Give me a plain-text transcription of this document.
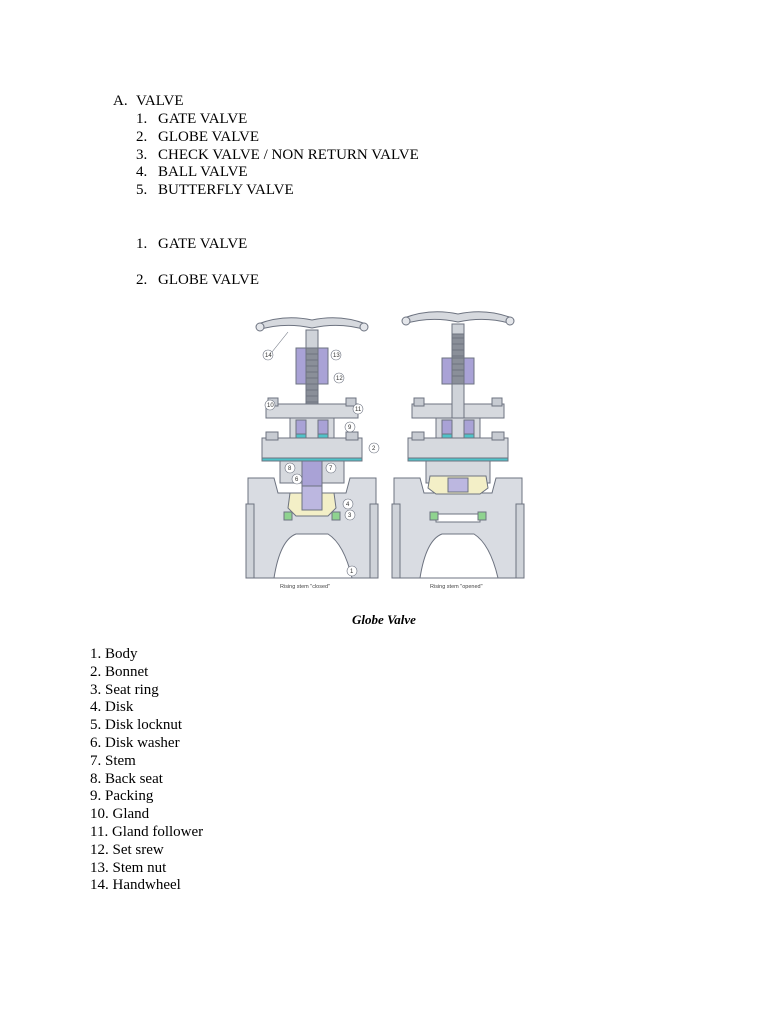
A. VALVE
1. GATE VALVE
2. GLOBE VALVE
3. CHECK VALVE / NON RETURN VALVE
4. BALL VALVE
5. BUTTERFLY VALVE
1. GATE VALVE
2. GLOBE VALVE
14	13
12
10
11
9
2
8	7
6
4
3
1
Rising stem "closed"	Rising stem "opened"
Globe Valve
1. Body
2. Bonnet
3. Seat ring
4. Disk
5. Disk locknut
6. Disk washer
7. Stem
8. Back seat
9. Packing
10. Gland
11. Gland follower
12. Set srew
13. Stem nut
14. Handwheel
